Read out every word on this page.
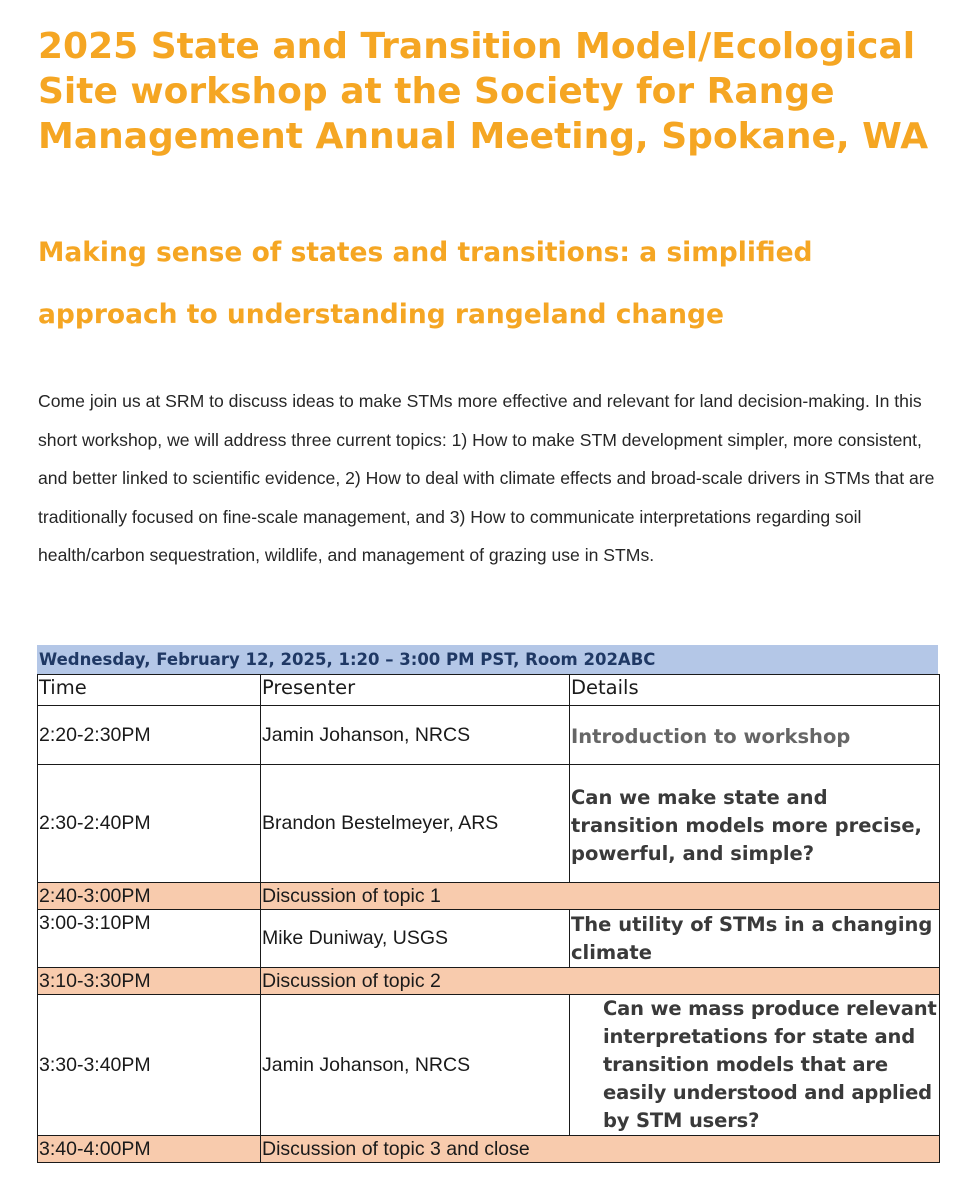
2025 State and Transition Model/Ecological Site workshop at the Society for Range Management Annual Meeting, Spokane, WA
Making sense of states and transitions: a simplified approach to understanding rangeland change

Come join us at SRM to discuss ideas to make STMs more effective and relevant for land decision-making. In this short workshop, we will address three current topics: 1) How to make STM development simpler, more consistent, and better linked to scientific evidence, 2) How to deal with climate effects and broad-scale drivers in STMs that are traditionally focused on fine-scale management, and 3) How to communicate interpretations regarding soil health/carbon sequestration, wildlife, and management of grazing use in STMs.

Wednesday, February 12, 2025, 1:20 – 3:00 PM PST, Room 202ABC
Time	Presenter	Details
2:20-2:30PM	Jamin Johanson, NRCS	Introduction to workshop
2:30-2:40PM	Brandon Bestelmeyer, ARS	Can we make state and transition models more precise, powerful, and simple?
2:40-3:00PM	Discussion of topic 1	
3:00-3:10PM	Mike Duniway, USGS	The utility of STMs in a changing climate
3:10-3:30PM	Discussion of topic 2	
3:30-3:40PM	Jamin Johanson, NRCS	Can we mass produce relevant interpretations for state and transition models that are easily understood and applied by STM users?
3:40-4:00PM	Discussion of topic 3 and close	
